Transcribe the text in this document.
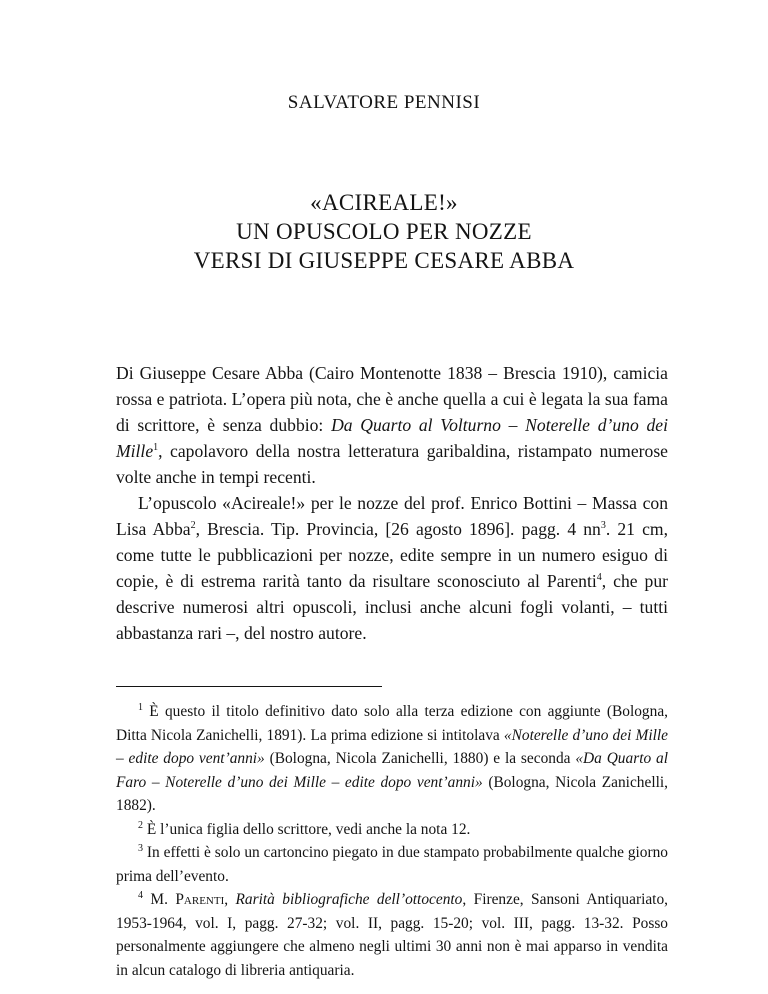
SALVATORE PENNISI
«ACIREALE!»
UN OPUSCOLO PER NOZZE
VERSI DI GIUSEPPE CESARE ABBA

Di Giuseppe Cesare Abba (Cairo Montenotte 1838 – Brescia 1910), camicia rossa e patriota. L’opera più nota, che è anche quella a cui è legata la sua fama di scrittore, è senza dubbio: Da Quarto al Volturno – Noterelle d’uno dei Mille$^1$, capolavoro della nostra letteratura garibaldina, ristampato numerose volte anche in tempi recenti.

L’opuscolo «Acireale!» per le nozze del prof. Enrico Bottini – Massa con Lisa Abba$^2$, Brescia. Tip. Provincia, [26 agosto 1896]. pagg. 4 $nn^3$. 21 cm, come tutte le pubblicazioni per nozze, edite sempre in un numero esiguo di copie, è di estrema rarità tanto da risultare sconosciuto al Parenti$^4$, che pur descrive numerosi altri opuscoli, inclusi anche alcuni fogli volanti, – tutti abbastanza rari –, del nostro autore.

$^1$ È questo il titolo definitivo dato solo alla terza edizione con aggiunte (Bologna, Ditta Nicola Zanichelli, 1891). La prima edizione si intitolava «Noterelle d’uno dei Mille – edite dopo vent’anni» (Bologna, Nicola Zanichelli, 1880) e la seconda «Da Quarto al Faro – Noterelle d’uno dei Mille – edite dopo vent’anni» (Bologna, Nicola Zanichelli, 1882).

$^2$ È l’unica figlia dello scrittore, vedi anche la nota 12.

$^3$ In effetti è solo un cartoncino piegato in due stampato probabilmente qualche giorno prima dell’evento.

$^4$ M. Parenti, Rarità bibliografiche dell’ottocento, Firenze, Sansoni Antiquariato, 1953-1964, vol. I, pagg. 27-32; vol. II, pagg. 15-20; vol. III, pagg. 13-32. Posso personalmente aggiungere che almeno negli ultimi 30 anni non è mai apparso in vendita in alcun catalogo di libreria antiquaria.
